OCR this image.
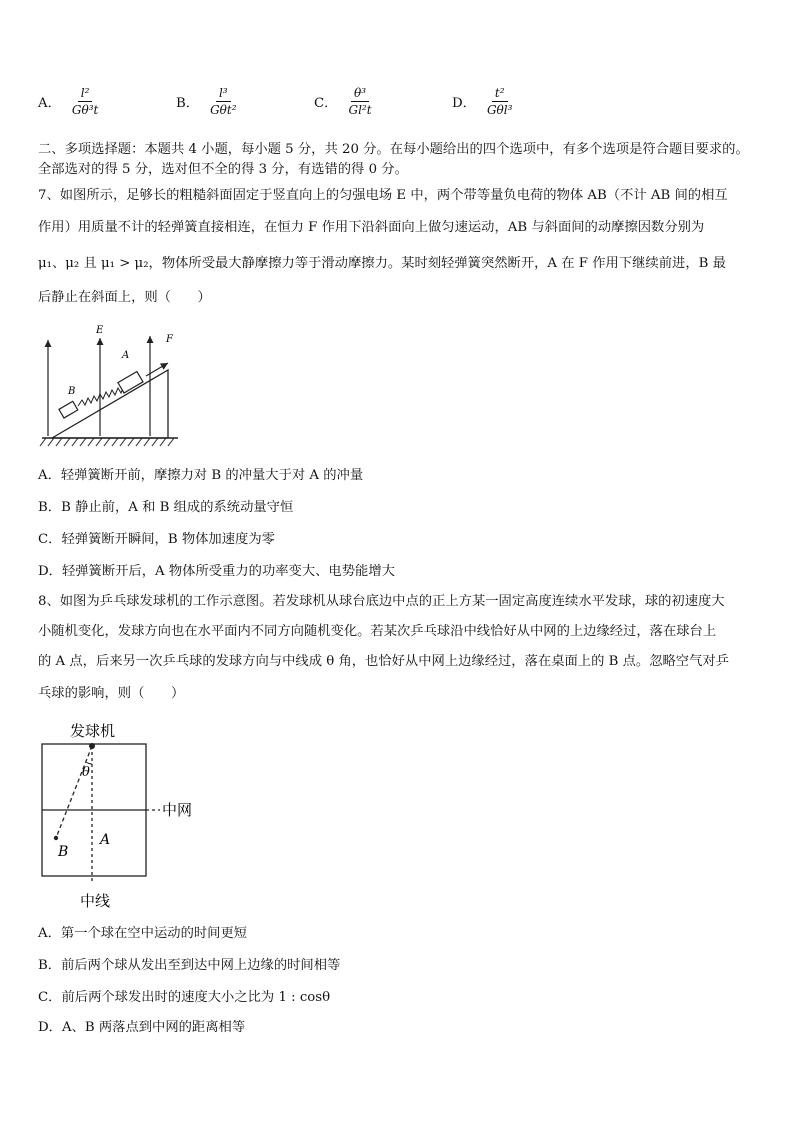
A． $\frac{\text{l²}}{\text{Gθ³t}}$	B． $\frac{\text{l³}}{\text{Gθt²}}$	C． $\frac{\text{θ³}}{\text{Gl²t}}$	D． $\frac{\text{t²}}{\text{Gθl³}}$
二、多项选择题：本题共 4 小题，每小题 5 分，共 20 分。在每小题给出的四个选项中，有多个选项是符合题目要求的。
全部选对的得 5 分，选对但不全的得 3 分，有选错的得 0 分。
7、如图所示，足够长的粗糙斜面固定于竖直向上的匀强电场 E 中，两个带等量负电荷的物体 AB（不计 AB 间的相互
作用）用质量不计的轻弹簧直接相连，在恒力 F 作用下沿斜面向上做匀速运动，AB 与斜面间的动摩擦因数分别为
μ₁、μ₂ 且 μ₁ > μ₂，物体所受最大静摩擦力等于滑动摩擦力。某时刻轻弹簧突然断开，A 在 F 作用下继续前进，B 最
后静止在斜面上，则（　　）
E
B
A
F
A．轻弹簧断开前，摩擦力对 B 的冲量大于对 A 的冲量
B．B 静止前，A 和 B 组成的系统动量守恒
C．轻弹簧断开瞬间，B 物体加速度为零
D．轻弹簧断开后，A 物体所受重力的功率变大、电势能增大
8、如图为乒乓球发球机的工作示意图。若发球机从球台底边中点的正上方某一固定高度连续水平发球，球的初速度大
小随机变化，发球方向也在水平面内不同方向随机变化。若某次乒乓球沿中线恰好从中网的上边缘经过，落在球台上
的 A 点，后来另一次乒乓球的发球方向与中线成 θ 角，也恰好从中网上边缘经过，落在桌面上的 B 点。忽略空气对乒
乓球的影响，则（　　）
发球机
中网
θ
B
A
中线
A．第一个球在空中运动的时间更短
B．前后两个球从发出至到达中网上边缘的时间相等
C．前后两个球发出时的速度大小之比为 1 : cosθ
D．A、B 两落点到中网的距离相等
